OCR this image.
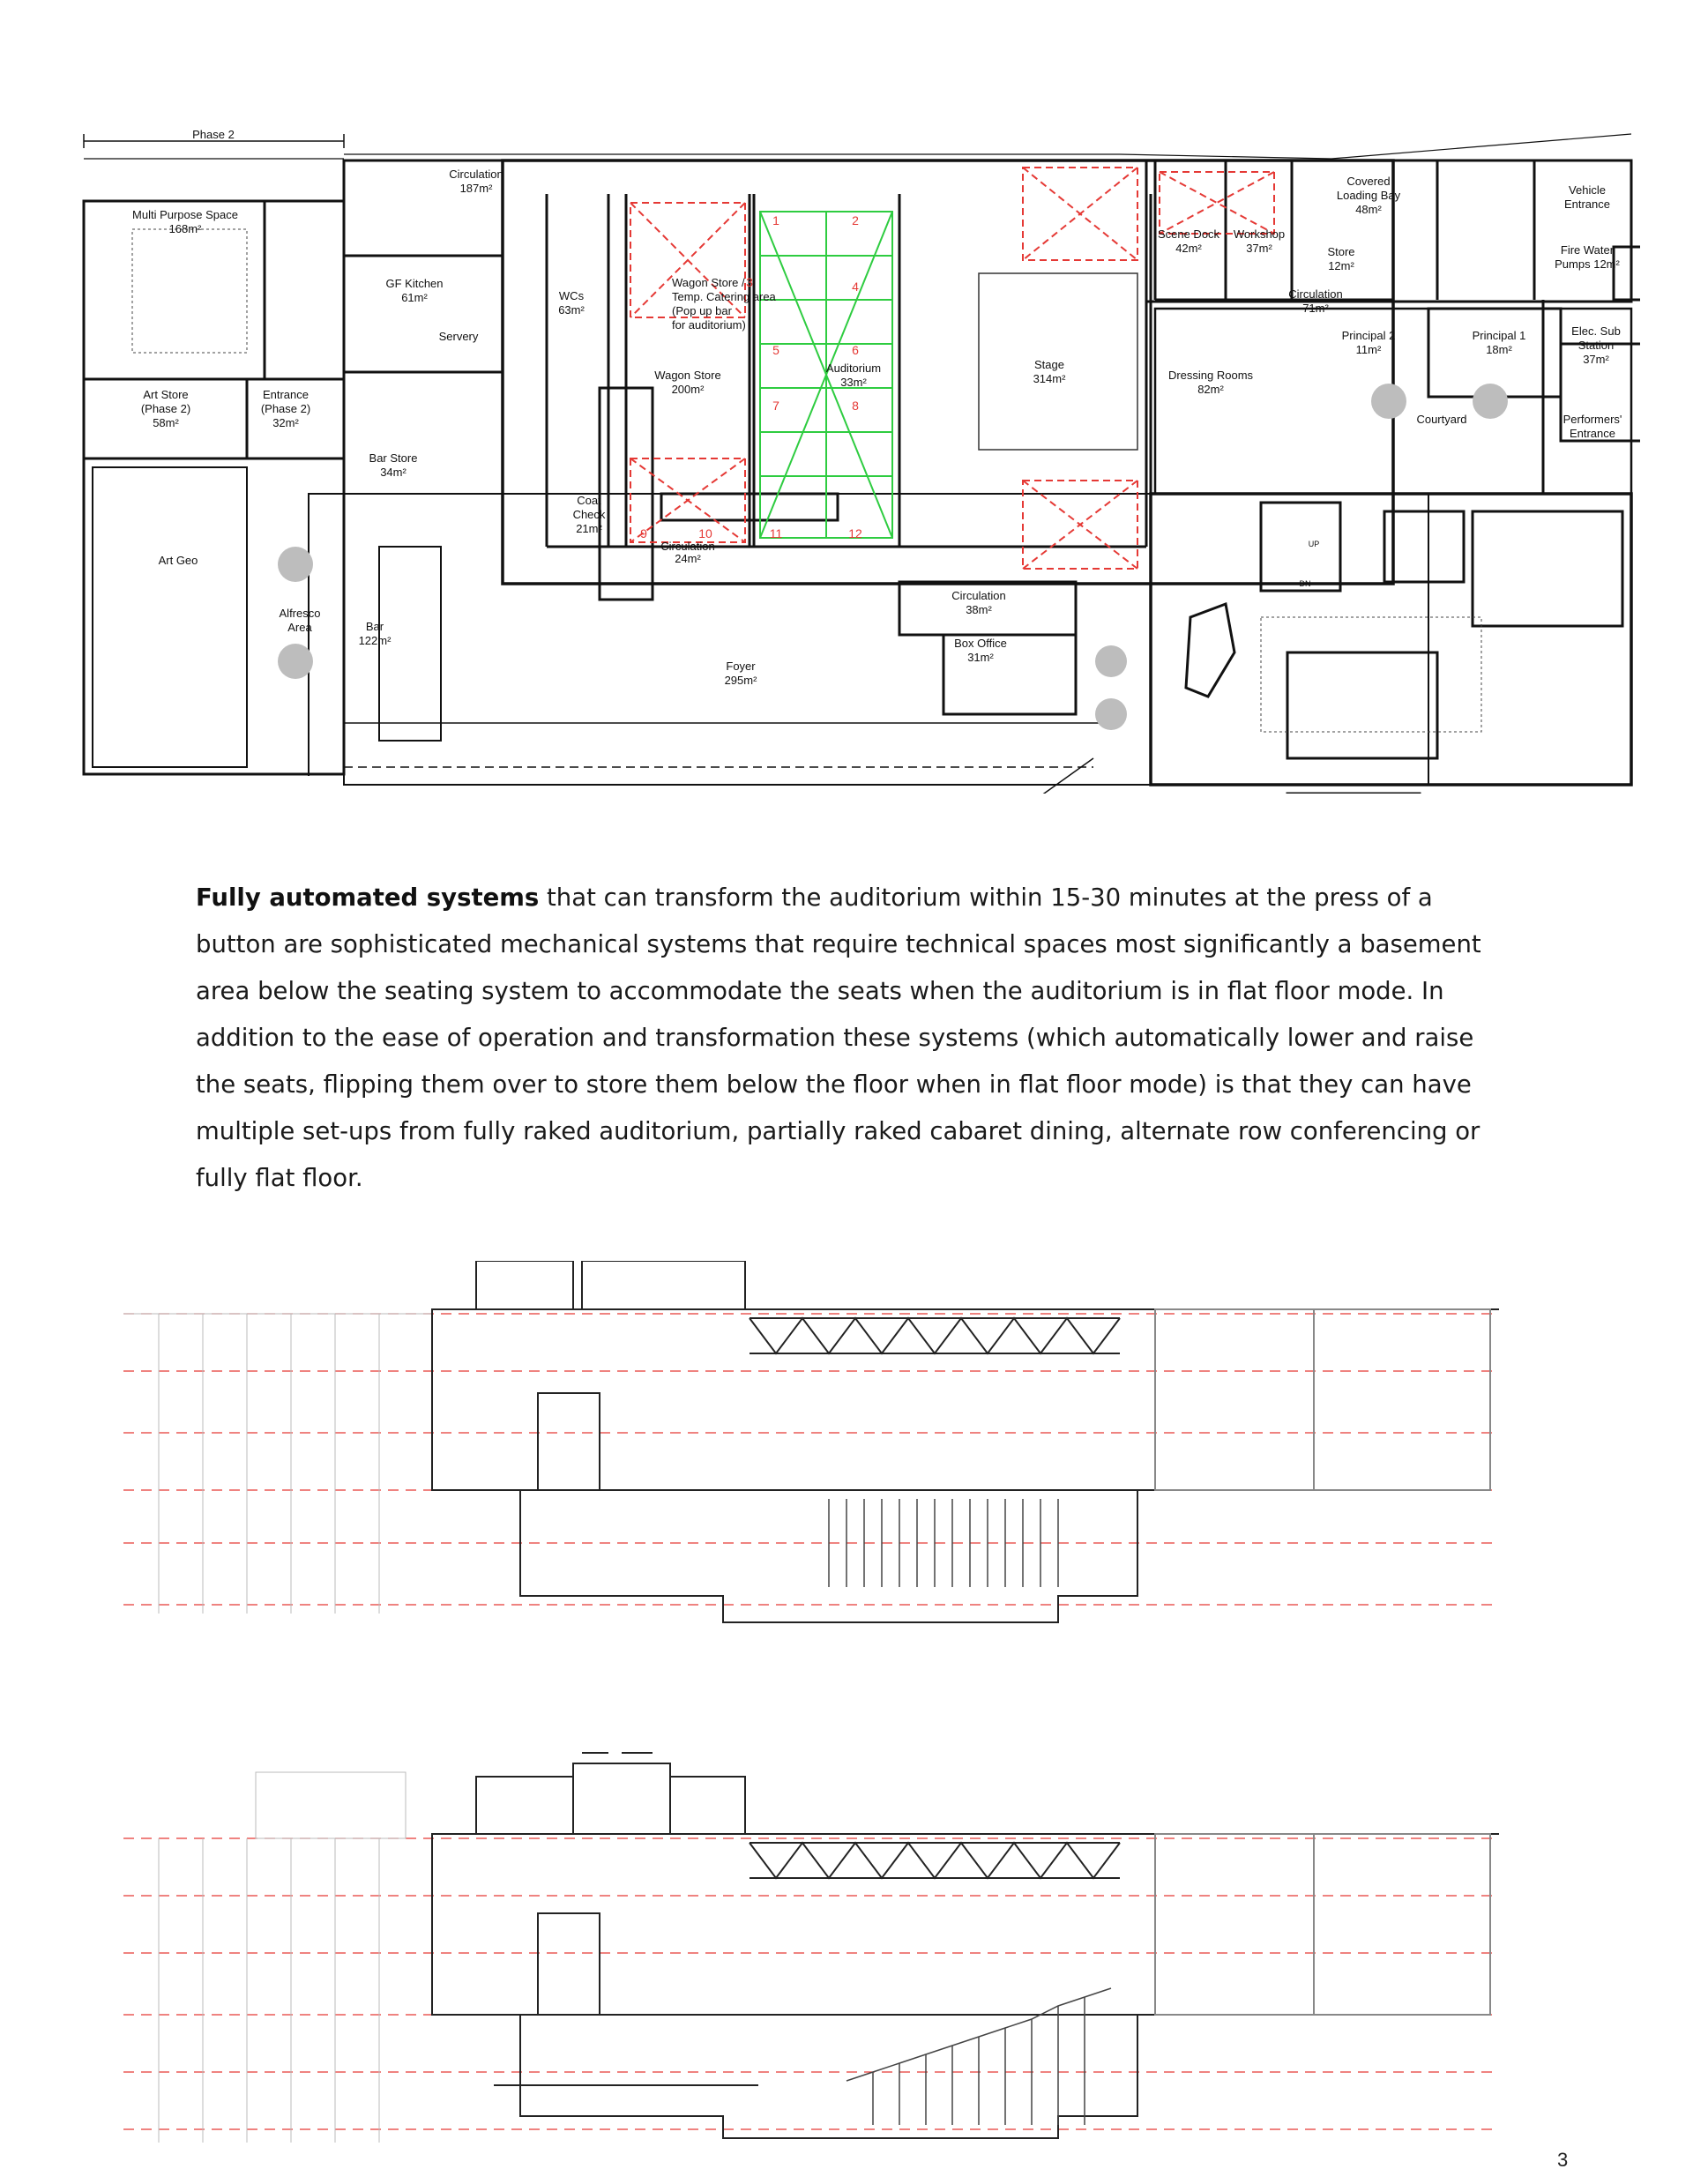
Phase 2
Circulation
187m²
Multi Purpose Space
168m²
GF Kitchen
61m²
Servery
WCs
63m²
Wagon Store /
Temp. Catering area
(Pop up bar
for auditorium)
Wagon Store
200m²
Auditorium
33m²
Stage
314m²
Scene Dock
42m²
Workshop
37m²
Covered
Loading Bay
48m²
Vehicle
Entrance
Store
12m²
Fire Water
Pumps 12m²
Circulation
71m²
Principal 2
11m²
Principal 1
18m²
Elec. Sub
Station
37m²
Dressing Rooms
82m²
Courtyard	Performers'
Entrance
Art Store
(Phase 2)
58m²
Entrance
(Phase 2)
32m²
Bar Store
34m²
Coat
Check
21m²
Circulation
24m²
Art Geo
Alfresco
Area	Bar
122m²
Foyer
295m²
Circulation
38m²
Box Office
31m²
UP
DN
1	2
3	4
5	6
7	8
9	10	11	12
Fully automated systems that can transform the auditorium within 15-30 minutes at the press of a button are sophisticated mechanical systems that require technical spaces most significantly a basement area below the seating system to accommodate the seats when the auditorium is in flat floor mode. In addition to the ease of operation and transformation these systems (which automatically lower and raise the seats, flipping them over to store them below the floor when in flat floor mode) is that they can have multiple set-ups from fully raked auditorium, partially raked cabaret dining, alternate row conferencing or fully flat floor.
3
